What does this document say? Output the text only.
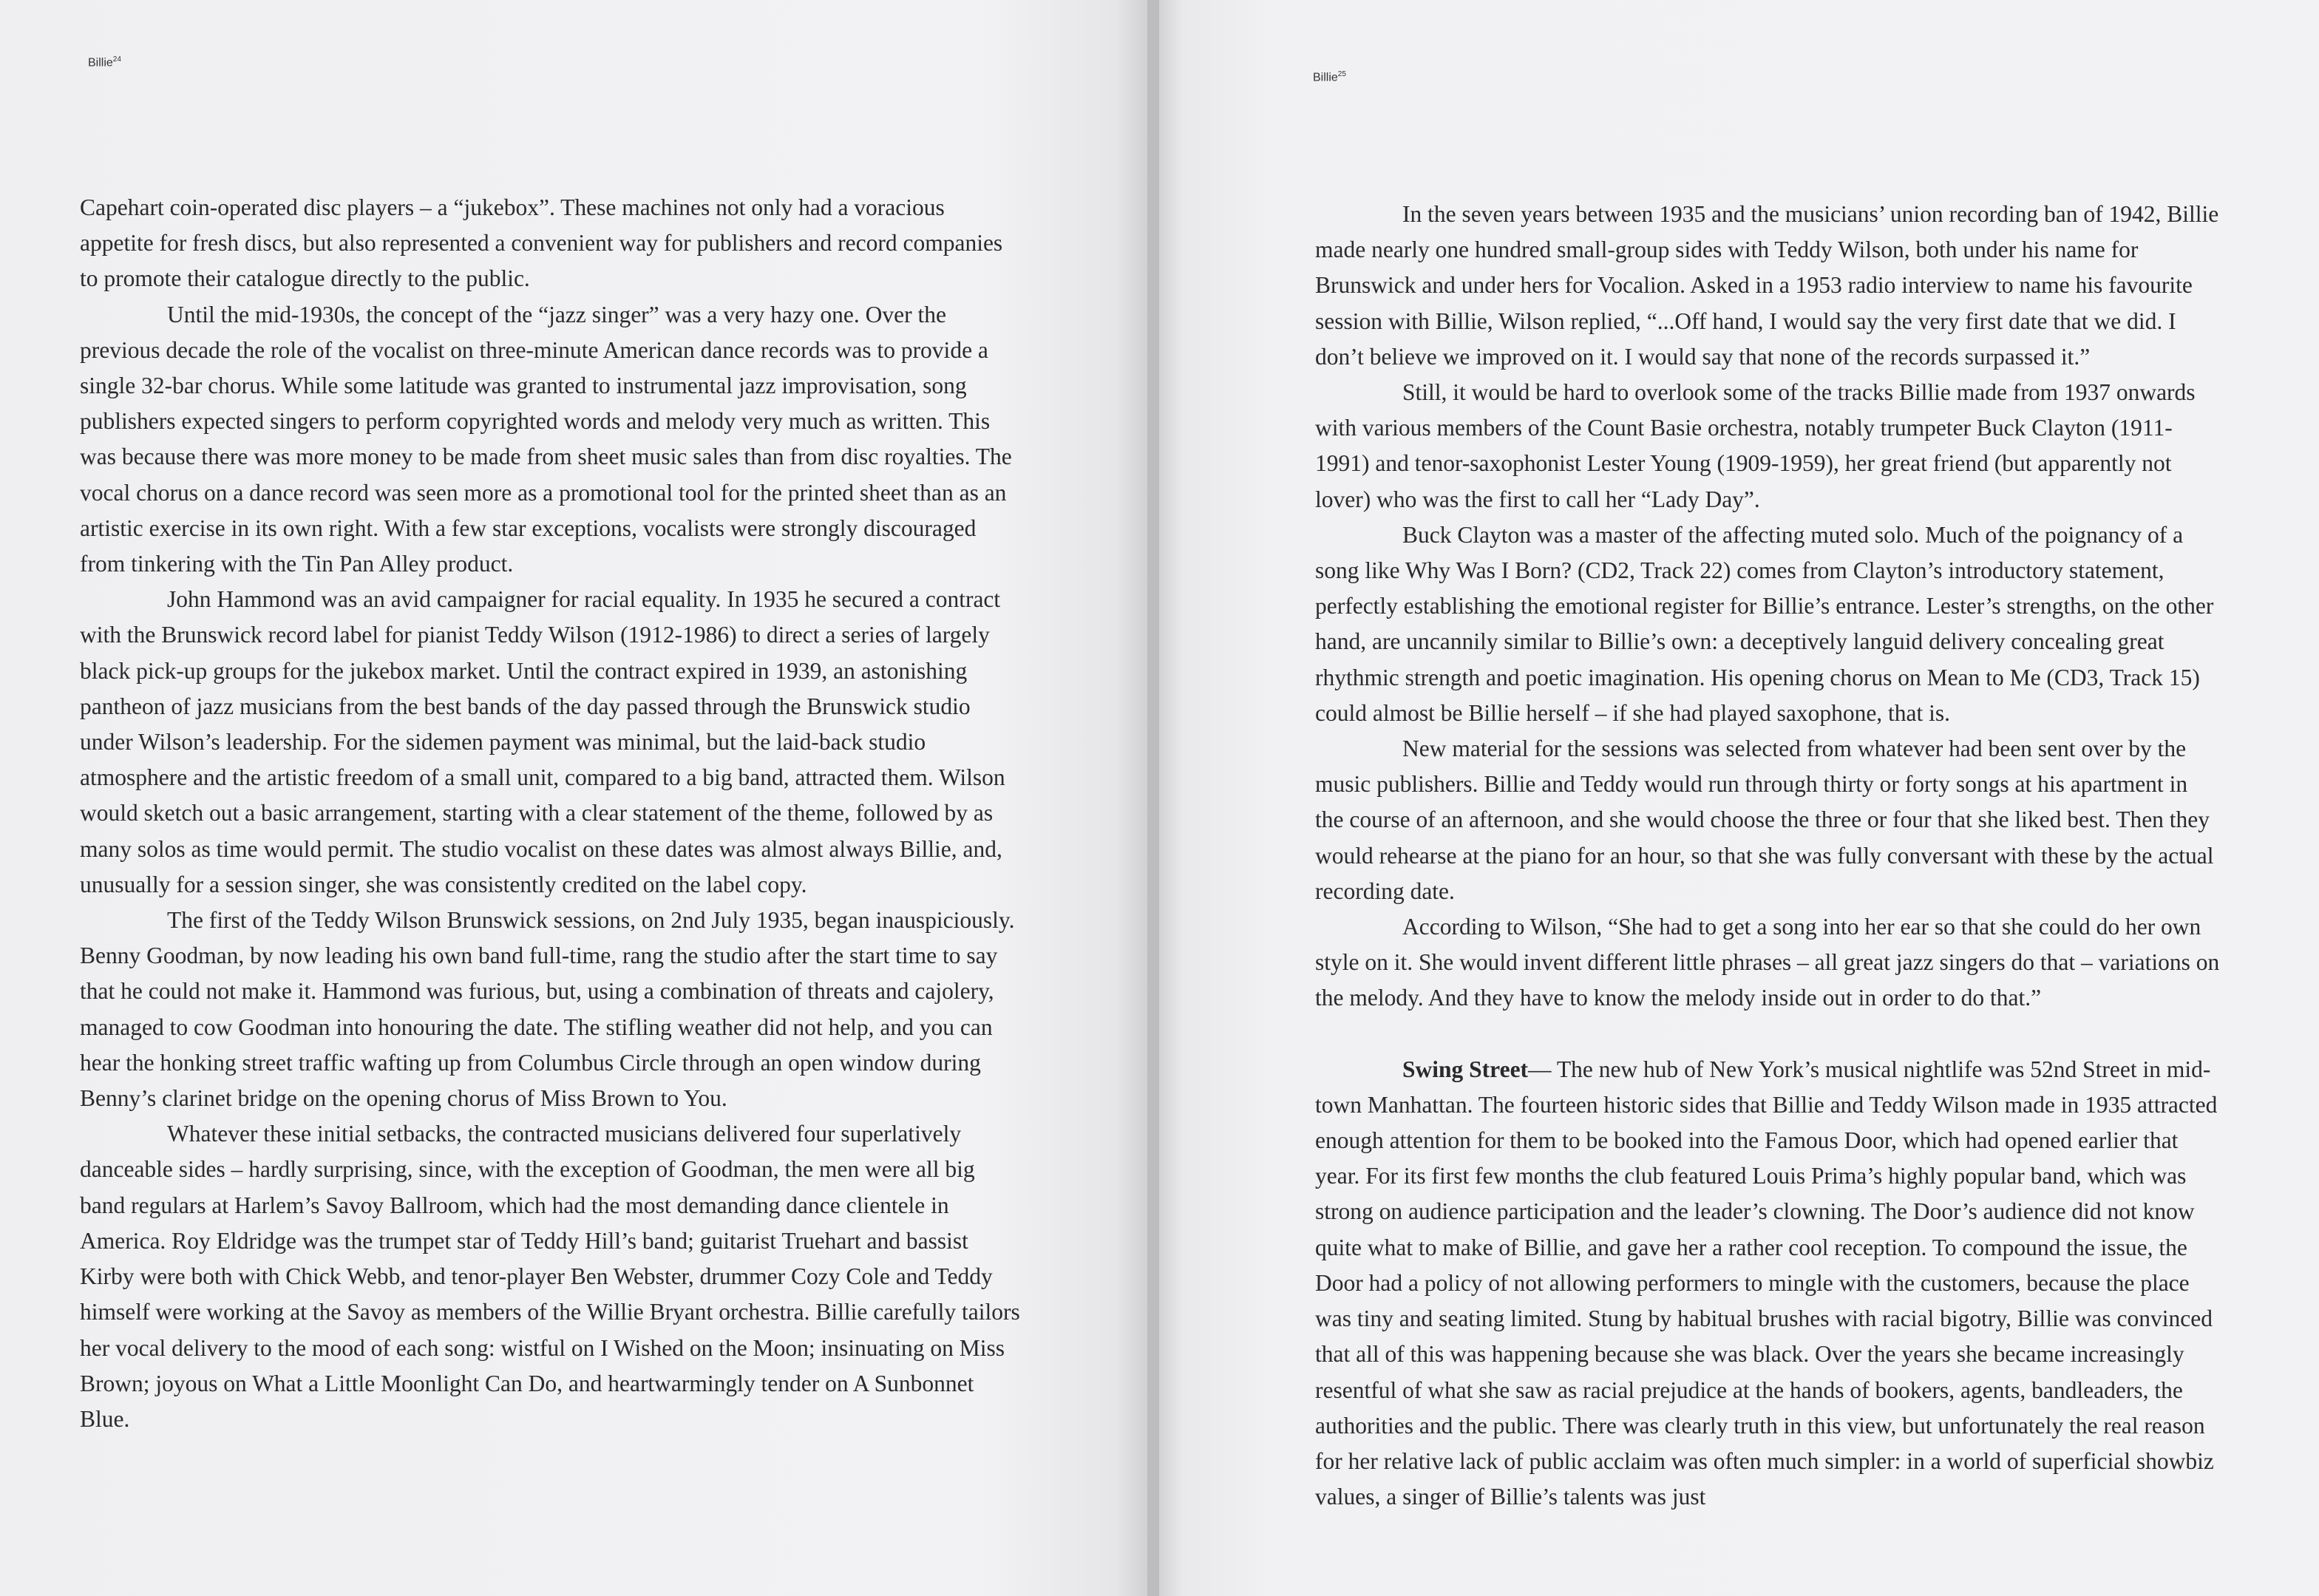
Billie$^{24}$

Capehart coin-operated disc players – a “jukebox”. These machines not only had a voracious appetite for fresh discs, but also represented a convenient way for publishers and record companies to promote their catalogue directly to the public.

Until the mid-1930s, the concept of the “jazz singer” was a very hazy one. Over the previous decade the role of the vocalist on three-minute American dance records was to provide a single 32-bar chorus. While some latitude was granted to instrumental jazz improvisation, song publishers expected singers to perform copyrighted words and melody very much as written. This was because there was more money to be made from sheet music sales than from disc royalties. The vocal chorus on a dance record was seen more as a promotional tool for the printed sheet than as an artistic exercise in its own right. With a few star exceptions, vocalists were strongly discouraged from tinkering with the Tin Pan Alley product.

John Hammond was an avid campaigner for racial equality. In 1935 he secured a contract with the Brunswick record label for pianist Teddy Wilson (1912-1986) to direct a series of largely black pick-up groups for the jukebox market. Until the contract expired in 1939, an astonishing pantheon of jazz musicians from the best bands of the day passed through the Brunswick studio under Wilson’s leadership. For the sidemen payment was minimal, but the laid-back studio atmosphere and the artistic freedom of a small unit, compared to a big band, attracted them. Wilson would sketch out a basic arrangement, starting with a clear statement of the theme, followed by as many solos as time would permit. The studio vocalist on these dates was almost always Billie, and, unusually for a session singer, she was consistently credited on the label copy.

The first of the Teddy Wilson Brunswick sessions, on 2nd July 1935, began inauspiciously. Benny Goodman, by now leading his own band full-time, rang the studio after the start time to say that he could not make it. Hammond was furious, but, using a combination of threats and cajolery, managed to cow Goodman into honouring the date. The stifling weather did not help, and you can hear the honking street traffic wafting up from Columbus Circle through an open window during Benny’s clarinet bridge on the opening chorus of Miss Brown to You.

Whatever these initial setbacks, the contracted musicians delivered four superlatively danceable sides – hardly surprising, since, with the exception of Goodman, the men were all big band regulars at Harlem’s Savoy Ballroom, which had the most demanding dance clientele in America. Roy Eldridge was the trumpet star of Teddy Hill’s band; guitarist Truehart and bassist Kirby were both with Chick Webb, and tenor-player Ben Webster, drummer Cozy Cole and Teddy himself were working at the Savoy as members of the Willie Bryant orchestra. Billie carefully tailors her vocal delivery to the mood of each song: wistful on I Wished on the Moon; insinuating on Miss Brown; joyous on What a Little Moonlight Can Do, and heartwarmingly tender on A Sunbonnet Blue.

Billie$^{25}$

In the seven years between 1935 and the musicians’ union recording ban of 1942, Billie made nearly one hundred small-group sides with Teddy Wilson, both under his name for Brunswick and under hers for Vocalion. Asked in a 1953 radio interview to name his favourite session with Billie, Wilson replied, “...Off hand, I would say the very first date that we did. I don’t believe we improved on it. I would say that none of the records surpassed it.”

Still, it would be hard to overlook some of the tracks Billie made from 1937 onwards with various members of the Count Basie orchestra, notably trumpeter Buck Clayton (1911-1991) and tenor-saxophonist Lester Young (1909-1959), her great friend (but apparently not lover) who was the first to call her “Lady Day”.

Buck Clayton was a master of the affecting muted solo. Much of the poignancy of a song like Why Was I Born? (CD2, Track 22) comes from Clayton’s introductory statement, perfectly establishing the emotional register for Billie’s entrance. Lester’s strengths, on the other hand, are uncannily similar to Billie’s own: a deceptively languid delivery concealing great rhythmic strength and poetic imagination. His opening chorus on Mean to Me (CD3, Track 15) could almost be Billie herself – if she had played saxophone, that is.

New material for the sessions was selected from whatever had been sent over by the music publishers. Billie and Teddy would run through thirty or forty songs at his apartment in the course of an afternoon, and she would choose the three or four that she liked best. Then they would rehearse at the piano for an hour, so that she was fully conversant with these by the actual recording date.

According to Wilson, “She had to get a song into her ear so that she could do her own style on it. She would invent different little phrases – all great jazz singers do that – variations on the melody. And they have to know the melody inside out in order to do that.”

Swing Street— The new hub of New York’s musical nightlife was 52nd Street in mid-town Manhattan. The fourteen historic sides that Billie and Teddy Wilson made in 1935 attracted enough attention for them to be booked into the Famous Door, which had opened earlier that year. For its first few months the club featured Louis Prima’s highly popular band, which was strong on audience participation and the leader’s clowning. The Door’s audience did not know quite what to make of Billie, and gave her a rather cool reception. To compound the issue, the Door had a policy of not allowing performers to mingle with the customers, because the place was tiny and seating limited. Stung by habitual brushes with racial bigotry, Billie was convinced that all of this was happening because she was black. Over the years she became increasingly resentful of what she saw as racial prejudice at the hands of bookers, agents, bandleaders, the authorities and the public. There was clearly truth in this view, but unfortunately the real reason for her relative lack of public acclaim was often much simpler: in a world of superficial showbiz values, a singer of Billie’s talents was just
